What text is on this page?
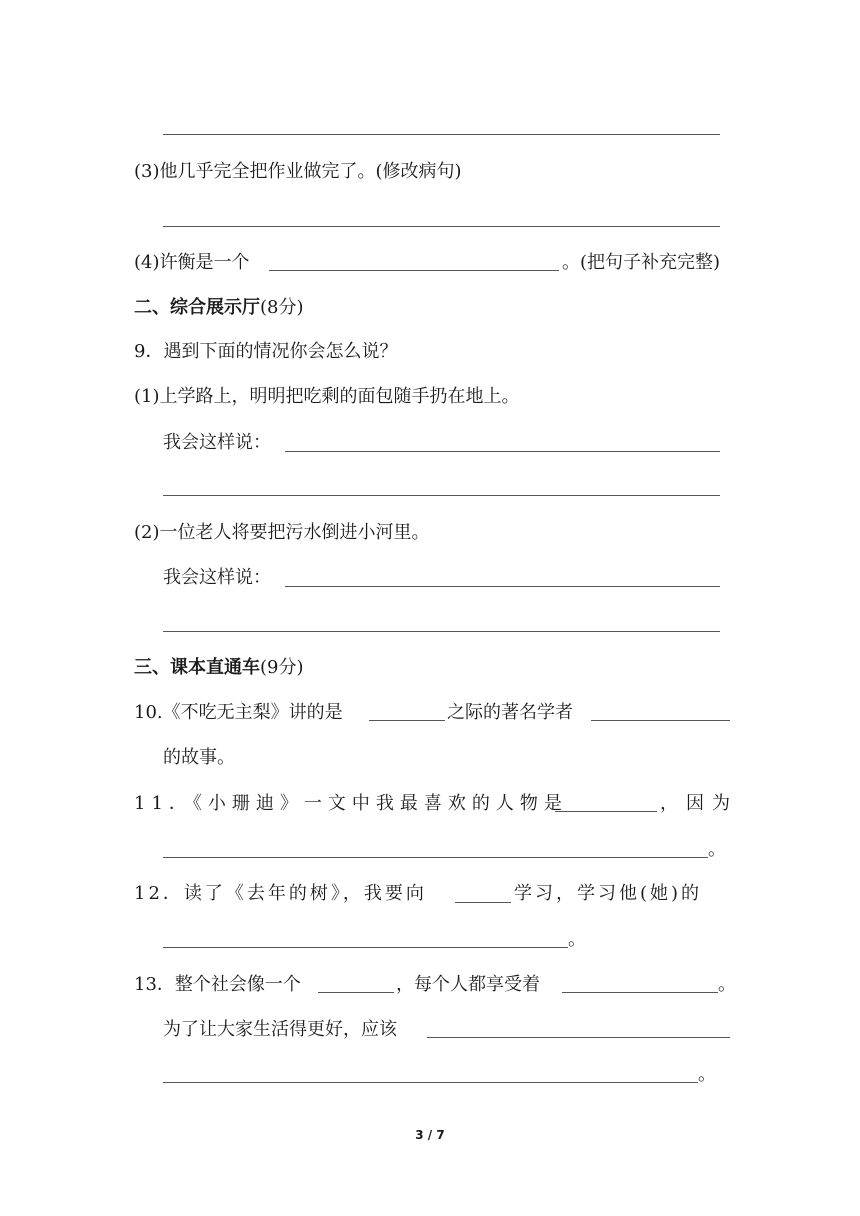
(3)他几乎完全把作业做完了。(修改病句)
(4)许衡是一个	。(把句子补充完整)
二、综合展示厅(8分)
9．遇到下面的情况你会怎么说？
(1)上学路上，明明把吃剩的面包随手扔在地上。
我会这样说：
(2)一位老人将要把污水倒进小河里。
我会这样说：
三、课本直通车(9分)
10.《不吃无主梨》讲的是	之际的著名学者
的故事。
11．《小珊迪》一文中我最喜欢的人物是	，因为
。
12．读了《去年的树》，我要向	学习，学习他(她)的
。
13．整个社会像一个	，每个人都享受着	。
为了让大家生活得更好，应该
。
3 / 7
